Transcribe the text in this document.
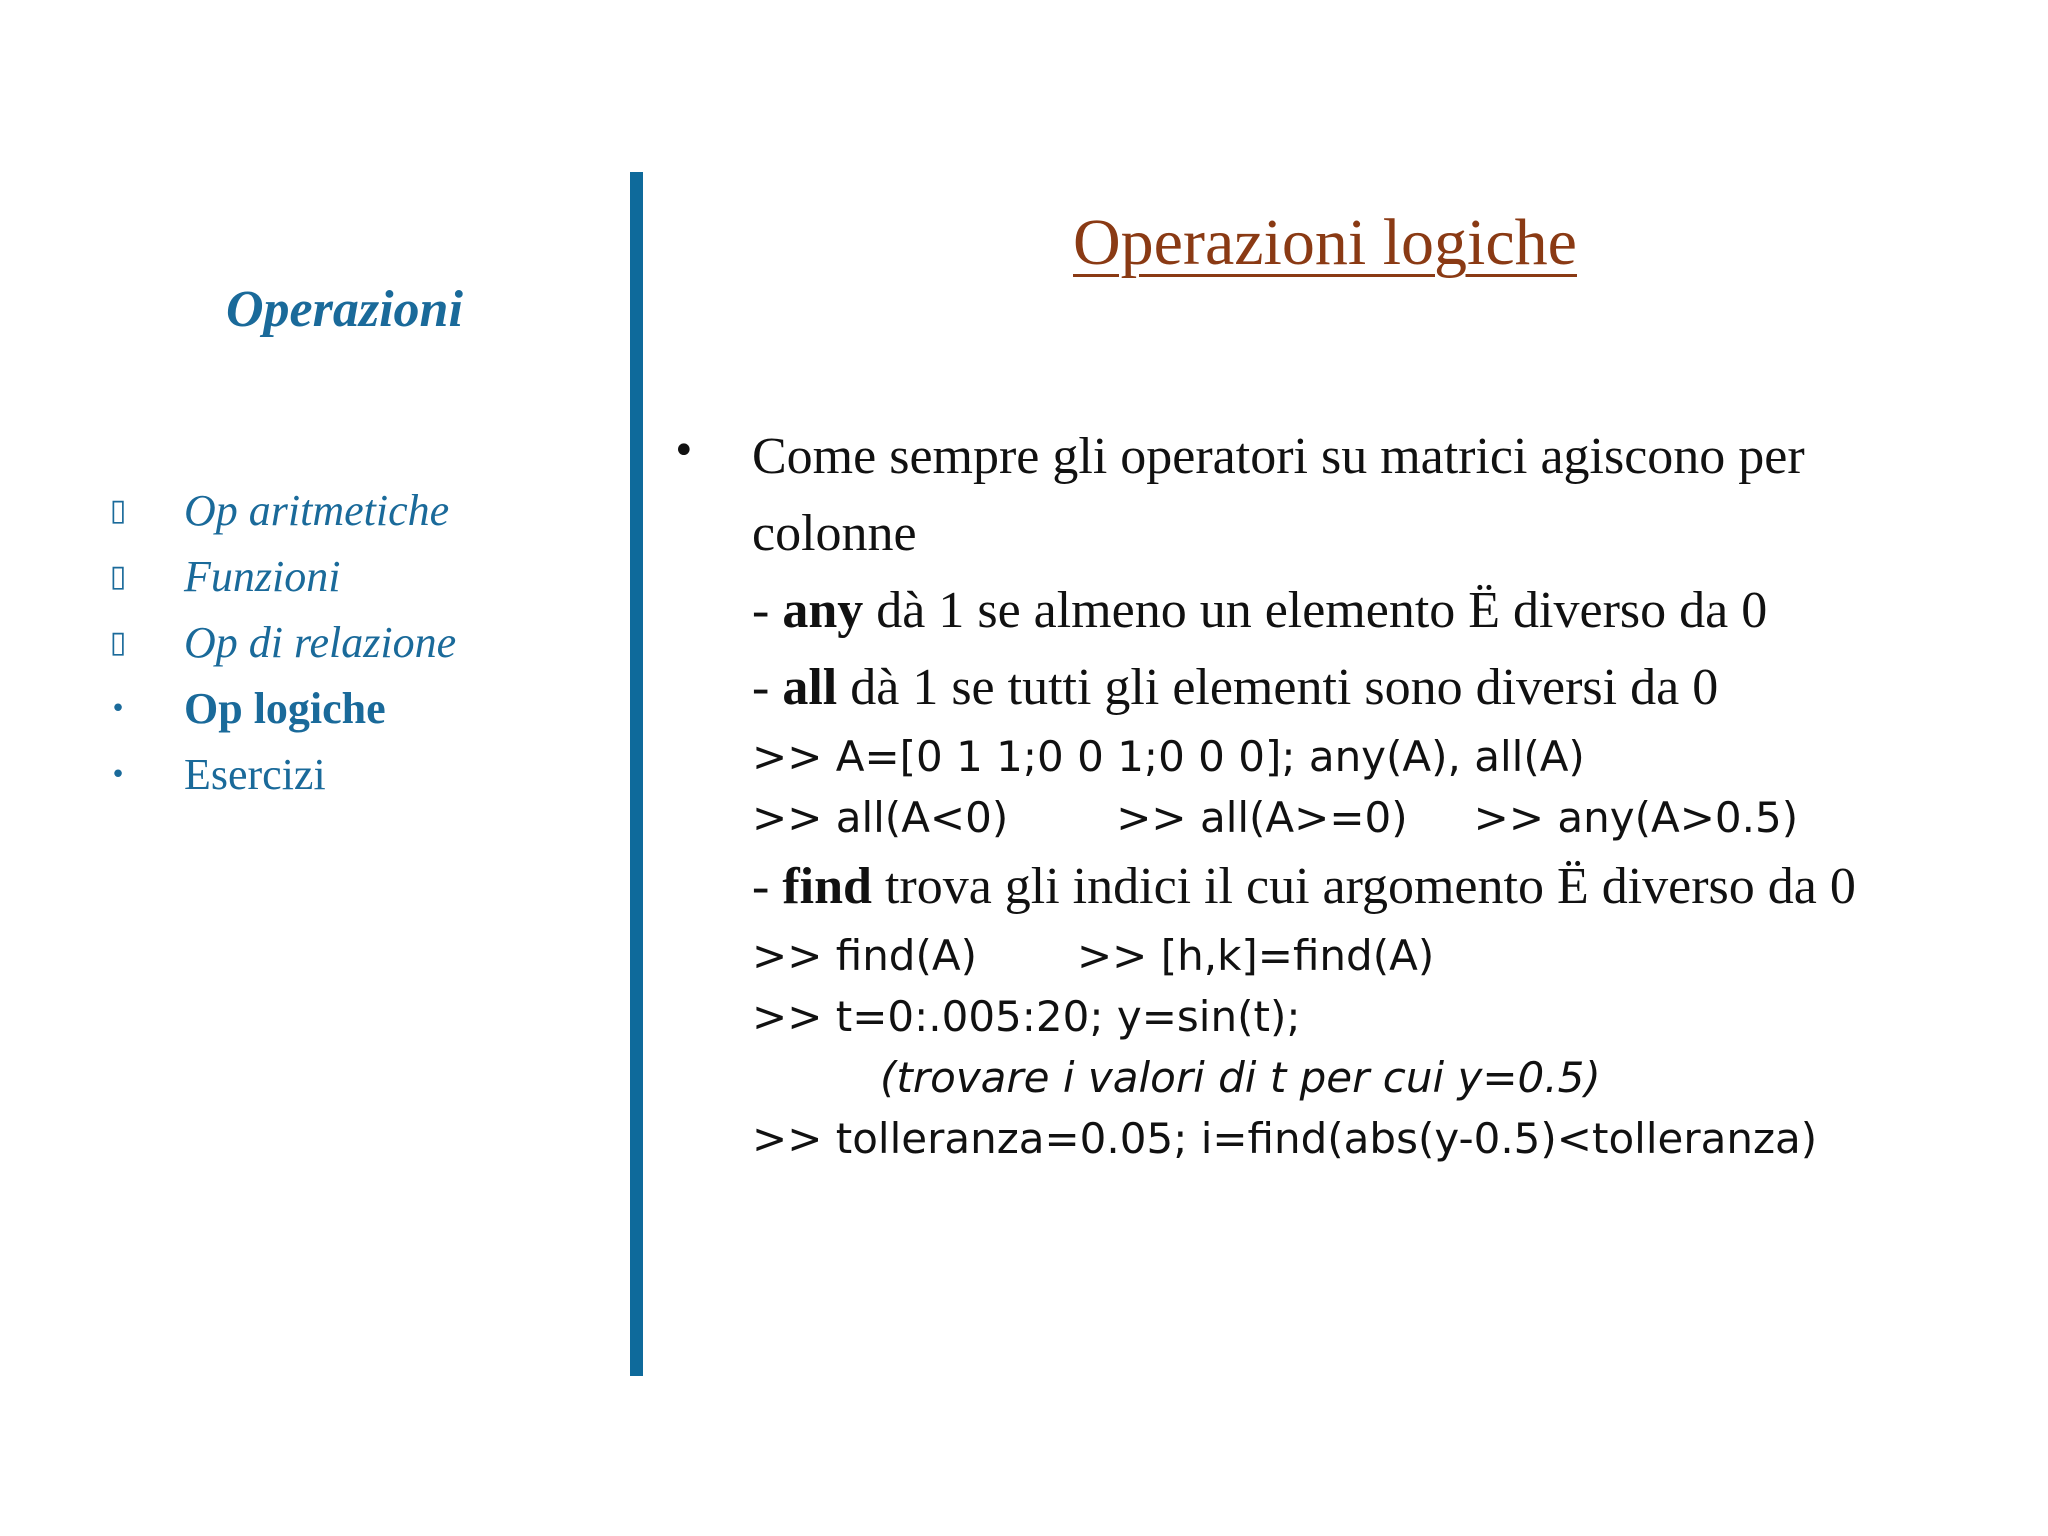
Operazioni
▯ Op aritmetiche
▯ Funzioni
▯ Op di relazione
• Op logiche
• Esercizi
Operazioni logiche
• Come sempre gli operatori su matrici agiscono per
colonne
- any dà 1 se almeno un elemento Ë diverso da 0
- all dà 1 se tutti gli elementi sono diversi da 0
>> A=[0 1 1;0 0 1;0 0 0]; any(A), all(A)
>> all(A<0)	>> all(A>=0) >> any(A>0.5)
- find trova gli indici il cui argomento Ë diverso da 0
>> find(A) >> [h,k]=find(A)
>> t=0:.005:20; y=sin(t);
(trovare i valori di t per cui y=0.5)
>> tolleranza=0.05; i=find(abs(y-0.5)<tolleranza)
